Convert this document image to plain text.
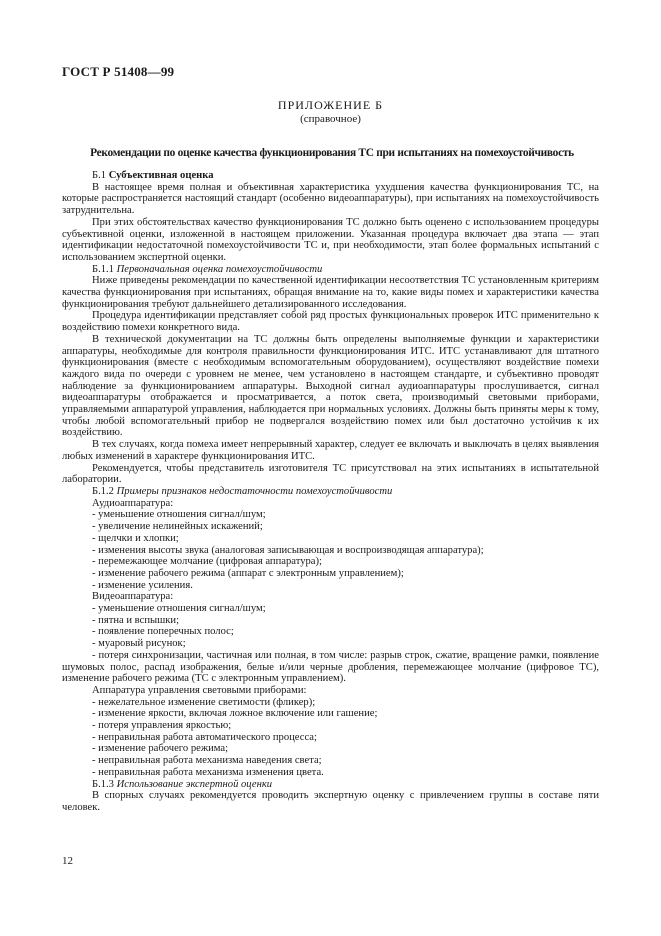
ГОСТ Р 51408—99
ПРИЛОЖЕНИЕ Б
(справочное)
Рекомендации по оценке качества функционирования ТС при испытаниях на помехоустойчивость

Б.1 Субъективная оценка

В настоящее время полная и объективная характеристика ухудшения качества функционирования ТС, на которые распространяется настоящий стандарт (особенно видеоаппаратуры), при испытаниях на помехоустойчивость затруднительна.

При этих обстоятельствах качество функционирования ТС должно быть оценено с использованием процедуры субъективной оценки, изложенной в настоящем приложении. Указанная процедура включает два этапа — этап идентификации недостаточной помехоустойчивости ТС и, при необходимости, этап более формальных испытаний с использованием экспертной оценки.

Б.1.1 Первоначальная оценка помехоустойчивости

Ниже приведены рекомендации по качественной идентификации несоответствия ТС установленным критериям качества функционирования при испытаниях, обращая внимание на то, какие виды помех и характеристики качества функционирования требуют дальнейшего детализированного исследования.

Процедура идентификации представляет собой ряд простых функциональных проверок ИТС применительно к воздействию помехи конкретного вида.

В технической документации на ТС должны быть определены выполняемые функции и характеристики аппаратуры, необходимые для контроля правильности функционирования ИТС. ИТС устанавливают для штатного функционирования (вместе с необходимым вспомогательным оборудованием), осуществляют воздействие помехи каждого вида по очереди с уровнем не менее, чем установлено в настоящем стандарте, и субъективно проводят наблюдение за функционированием аппаратуры. Выходной сигнал аудиоаппаратуры прослушивается, сигнал видеоаппаратуры отображается и просматривается, а поток света, производимый световыми приборами, управляемыми аппаратурой управления, наблюдается при нормальных условиях. Должны быть приняты меры к тому, чтобы любой вспомогательный прибор не подвергался воздействию помех или был достаточно устойчив к их воздействию.

В тех случаях, когда помеха имеет непрерывный характер, следует ее включать и выключать в целях выявления любых изменений в характере функционирования ИТС.

Рекомендуется, чтобы представитель изготовителя ТС присутствовал на этих испытаниях в испытательной лаборатории.

Б.1.2 Примеры признаков недостаточности помехоустойчивости

Аудиоаппаратура:

- уменьшение отношения сигнал/шум;

- увеличение нелинейных искажений;

- щелчки и хлопки;

- изменения высоты звука (аналоговая записывающая и воспроизводящая аппаратура);

- перемежающее молчание (цифровая аппаратура);

- изменение рабочего режима (аппарат с электронным управлением);

- изменение усиления.

Видеоаппаратура:

- уменьшение отношения сигнал/шум;

- пятна и вспышки;

- появление поперечных полос;

- муаровый рисунок;

- потеря синхронизации, частичная или полная, в том числе: разрыв строк, сжатие, вращение рамки, появление шумовых полос, распад изображения, белые и/или черные дробления, перемежающее молчание (цифровое ТС), изменение рабочего режима (ТС с электронным управлением).

Аппаратура управления световыми приборами:

- нежелательное изменение светимости (фликер);

- изменение яркости, включая ложное включение или гашение;

- потеря управления яркостью;

- неправильная работа автоматического процесса;

- изменение рабочего режима;

- неправильная работа механизма наведения света;

- неправильная работа механизма изменения цвета.

Б.1.3 Использование экспертной оценки

В спорных случаях рекомендуется проводить экспертную оценку с привлечением группы в составе пяти человек.

12
